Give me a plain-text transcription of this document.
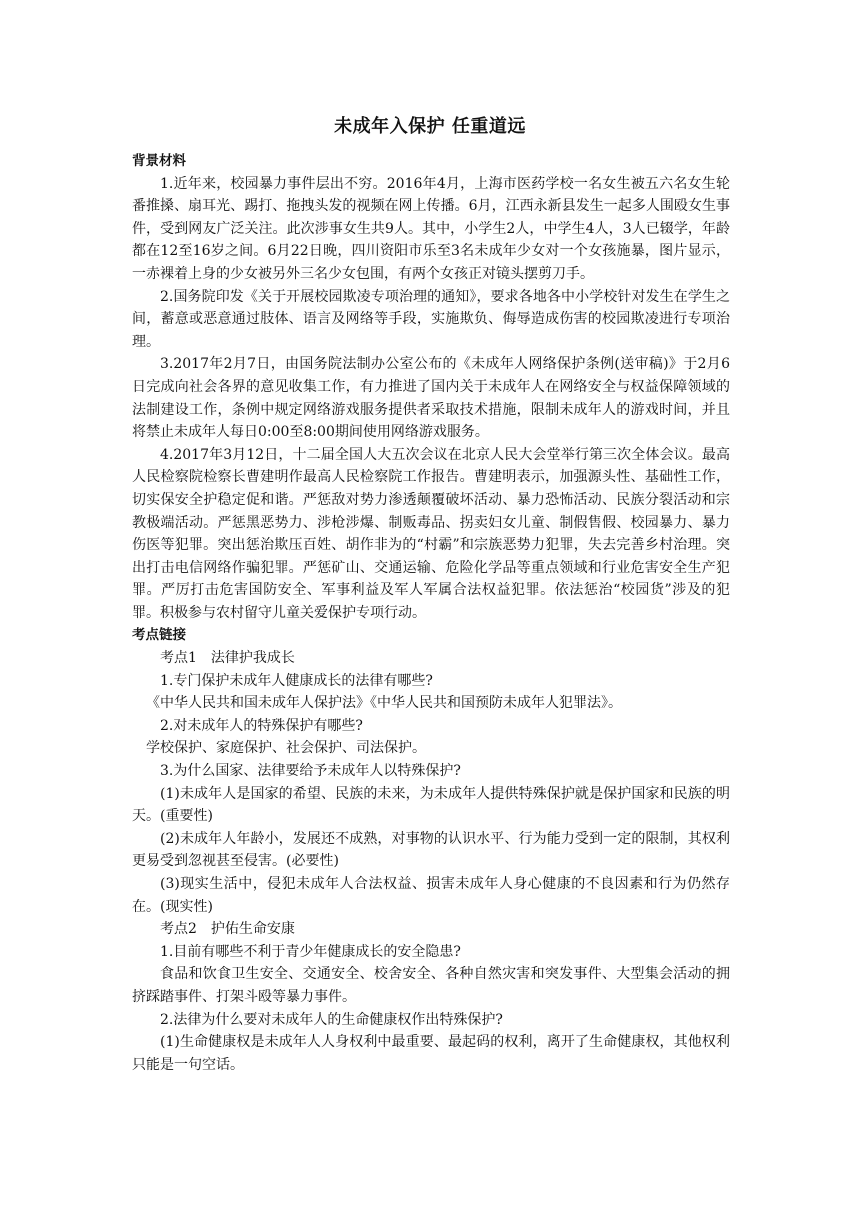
未成年入保护 任重道远

背景材料

1.近年来，校园暴力事件层出不穷。2016年4月，上海市医药学校一名女生被五六名女生轮番推搡、扇耳光、踢打、拖拽头发的视频在网上传播。6月，江西永新县发生一起多人围殴女生事件，受到网友广泛关注。此次涉事女生共9人。其中，小学生2人，中学生4人，3人已辍学，年龄都在12至16岁之间。6月22日晚，四川资阳市乐至3名未成年少女对一个女孩施暴，图片显示，一赤裸着上身的少女被另外三名少女包围，有两个女孩正对镜头摆剪刀手。

2.国务院印发《关于开展校园欺凌专项治理的通知》，要求各地各中小学校针对发生在学生之间，蓄意或恶意通过肢体、语言及网络等手段，实施欺负、侮辱造成伤害的校园欺凌进行专项治理。

3.2017年2月7日，由国务院法制办公室公布的《未成年人网络保护条例(送审稿)》于2月6日完成向社会各界的意见收集工作，有力推进了国内关于未成年人在网络安全与权益保障领域的法制建设工作，条例中规定网络游戏服务提供者采取技术措施，限制未成年人的游戏时间，并且将禁止未成年人每日0:00至8:00期间使用网络游戏服务。

4.2017年3月12日，十二届全国人大五次会议在北京人民大会堂举行第三次全体会议。最高人民检察院检察长曹建明作最高人民检察院工作报告。曹建明表示，加强源头性、基础性工作，切实保安全护稳定促和谐。严惩敌对势力渗透颠覆破坏活动、暴力恐怖活动、民族分裂活动和宗教极端活动。严惩黑恶势力、涉枪涉爆、制贩毒品、拐卖妇女儿童、制假售假、校园暴力、暴力伤医等犯罪。突出惩治欺压百姓、胡作非为的“村霸”和宗族恶势力犯罪，失去完善乡村治理。突出打击电信网络作骗犯罪。严惩矿山、交通运输、危险化学品等重点领域和行业危害安全生产犯罪。严厉打击危害国防安全、军事利益及军人军属合法权益犯罪。依法惩治“校园货”涉及的犯罪。积极参与农村留守儿童关爱保护专项行动。

考点链接

考点1　法律护我成长

1.专门保护未成年人健康成长的法律有哪些?

《中华人民共和国未成年人保护法》《中华人民共和国预防未成年人犯罪法》。

2.对未成年人的特殊保护有哪些?

学校保护、家庭保护、社会保护、司法保护。

3.为什么国家、法律要给予未成年人以特殊保护?

(1)未成年人是国家的希望、民族的未来，为未成年人提供特殊保护就是保护国家和民族的明天。(重要性)

(2)未成年人年龄小，发展还不成熟，对事物的认识水平、行为能力受到一定的限制，其权利更易受到忽视甚至侵害。(必要性)

(3)现实生活中，侵犯未成年人合法权益、损害未成年人身心健康的不良因素和行为仍然存在。(现实性)

考点2　护佑生命安康

1.目前有哪些不利于青少年健康成长的安全隐患?

食品和饮食卫生安全、交通安全、校舍安全、各种自然灾害和突发事件、大型集会活动的拥挤踩踏事件、打架斗殴等暴力事件。

2.法律为什么要对未成年人的生命健康权作出特殊保护?

(1)生命健康权是未成年人人身权利中最重要、最起码的权利，离开了生命健康权，其他权利只能是一句空话。
